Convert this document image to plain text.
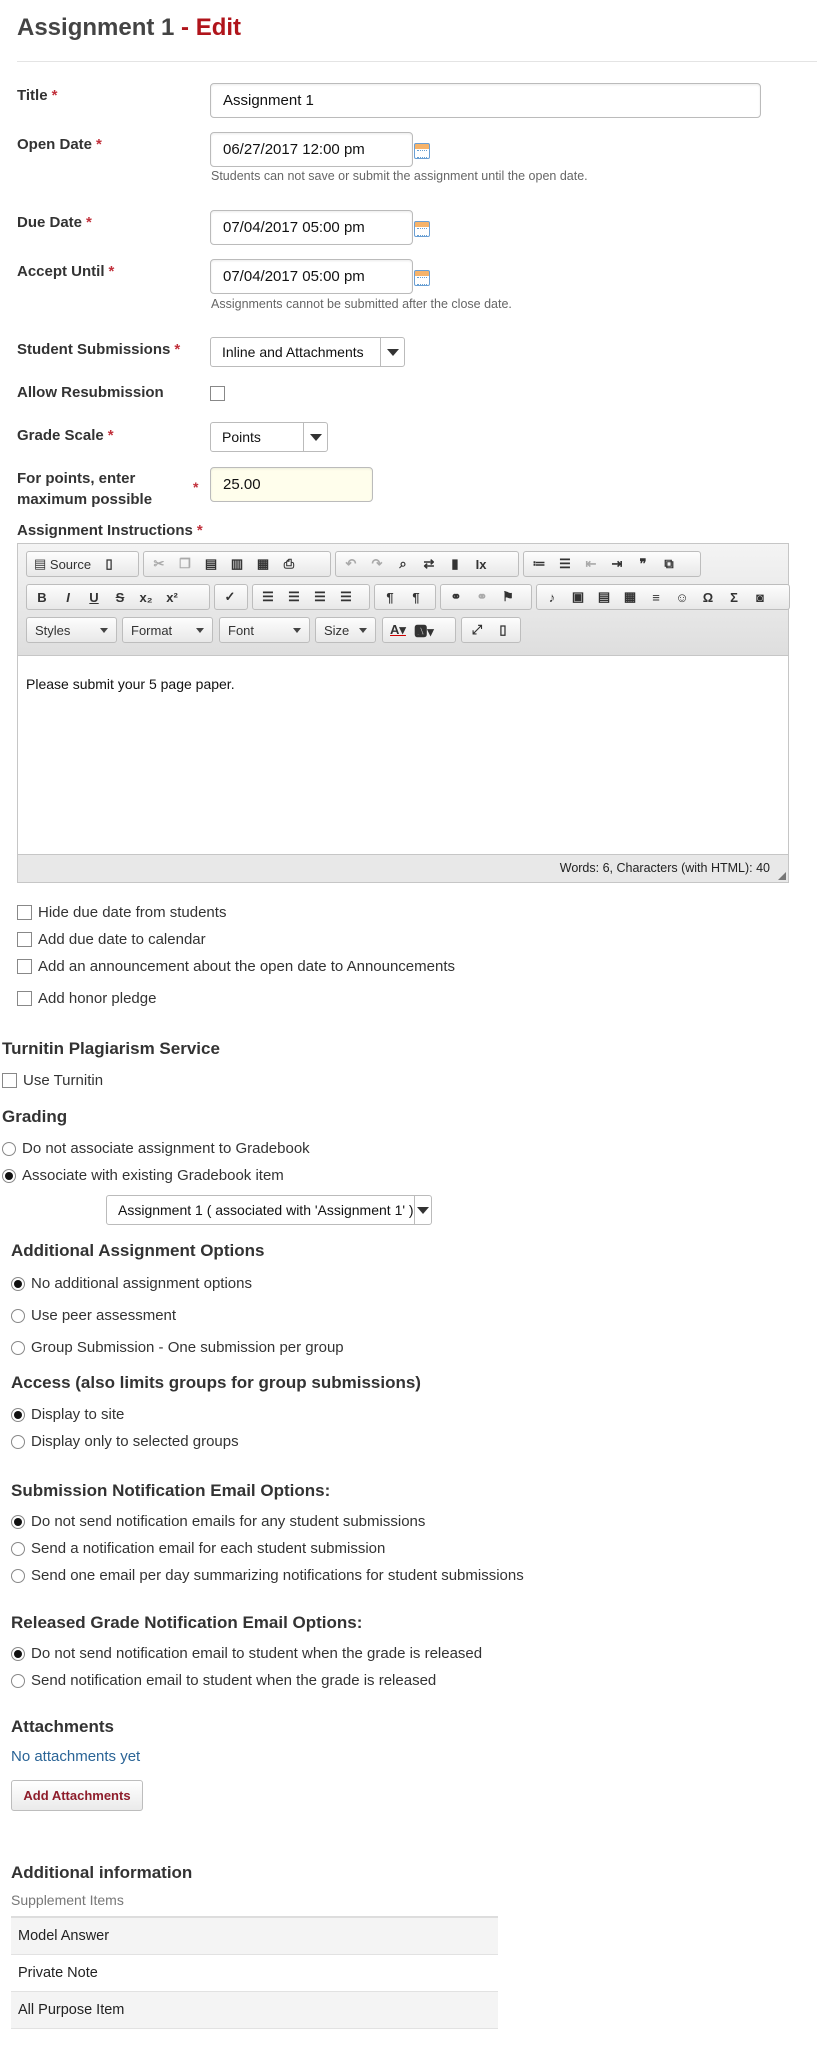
Assignment 1 - Edit
Title *	Assignment 1
Open Date *	06/27/2017 12:00 pm
Students can not save or submit the assignment until the open date.
Due Date *	07/04/2017 05:00 pm
Accept Until *	07/04/2017 05:00 pm
Assignments cannot be submitted after the close date.
Student Submissions *	Inline and Attachments
Allow Resubmission
Grade Scale *	Points
For points, enter
maximum possible
*	25.00
Assignment Instructions *
▤ Source	▯	✂	❐	▤	▥	▦	⎙	↶	↷	⌕	⇄	▮	Ix	≔	☰	⇤	⇥	❞	⧉
B	I	U	S	x₂	x²	✓	☰	☰	☰	☰	¶	¶	⚭	⚭	⚑	♪	▣	▤	▦	≡	☺	Ω	Σ	◙
Styles	Format	Font	Size	A▾ 🅰▾	⤢	▯
Please submit your 5 page paper.
Words: 6, Characters (with HTML): 40
Hide due date from students
Add due date to calendar
Add an announcement about the open date to Announcements
Add honor pledge
Turnitin Plagiarism Service
Use Turnitin
Grading
Do not associate assignment to Gradebook
Associate with existing Gradebook item
Assignment 1 ( associated with 'Assignment 1' )
Additional Assignment Options
No additional assignment options
Use peer assessment
Group Submission - One submission per group
Access (also limits groups for group submissions)
Display to site
Display only to selected groups
Submission Notification Email Options:
Do not send notification emails for any student submissions
Send a notification email for each student submission
Send one email per day summarizing notifications for student submissions
Released Grade Notification Email Options:
Do not send notification email to student when the grade is released
Send notification email to student when the grade is released
Attachments
No attachments yet
Add Attachments
Additional information
Supplement Items
Model Answer
Private Note
All Purpose Item
